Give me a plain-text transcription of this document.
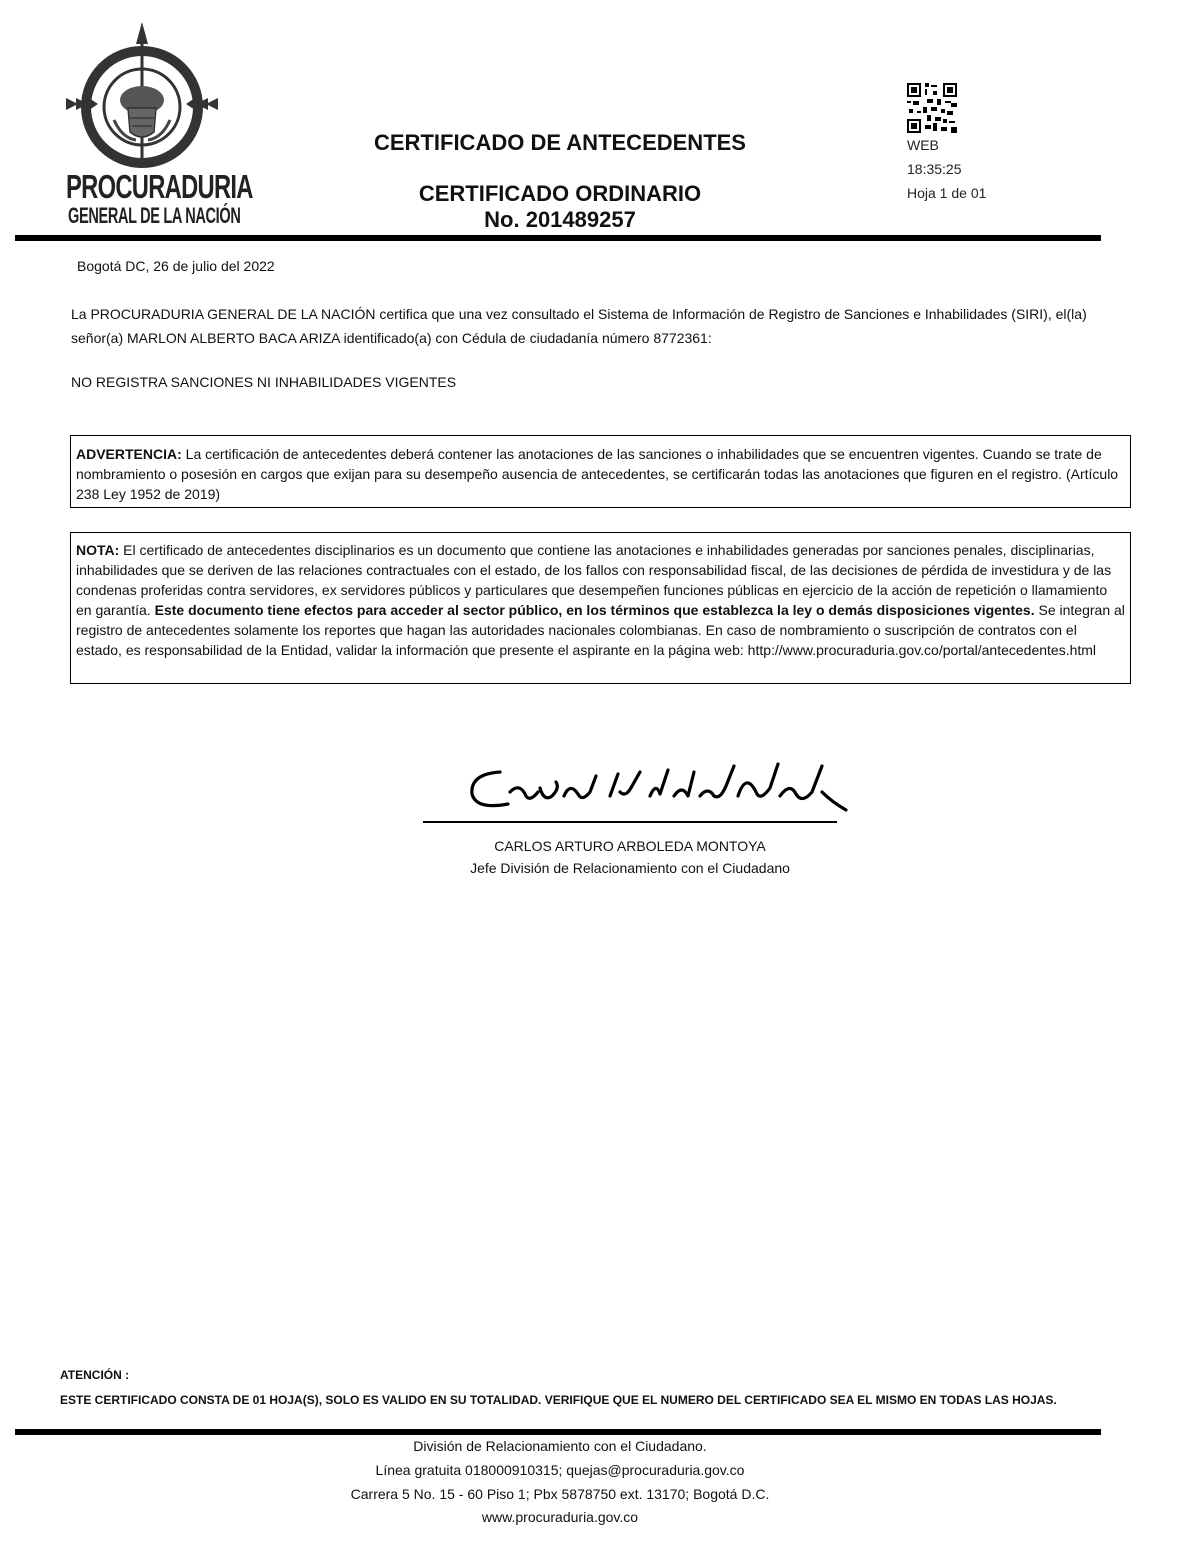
PROCURADURIA
GENERAL DE LA NACIÓN
CERTIFICADO DE ANTECEDENTES
CERTIFICADO ORDINARIO
No. 201489257
WEB
18:35:25
Hoja 1 de 01
Bogotá DC, 26 de julio del 2022
La PROCURADURIA GENERAL DE LA NACIÓN certifica que una vez consultado el Sistema de Información de Registro de Sanciones e Inhabilidades (SIRI), el(la) señor(a) MARLON ALBERTO BACA ARIZA identificado(a) con Cédula de ciudadanía número 8772361:
NO REGISTRA SANCIONES NI INHABILIDADES VIGENTES
ADVERTENCIA: La certificación de antecedentes deberá contener las anotaciones de las sanciones o inhabilidades que se encuentren vigentes. Cuando se trate de nombramiento o posesión en cargos que exijan para su desempeño ausencia de antecedentes, se certificarán todas las anotaciones que figuren en el registro. (Artículo 238 Ley 1952 de 2019)
NOTA: El certificado de antecedentes disciplinarios es un documento que contiene las anotaciones e inhabilidades generadas por sanciones penales, disciplinarias, inhabilidades que se deriven de las relaciones contractuales con el estado, de los fallos con responsabilidad fiscal, de las decisiones de pérdida de investidura y de las condenas proferidas contra servidores, ex servidores públicos y particulares que desempeñen funciones públicas en ejercicio de la acción de repetición o llamamiento en garantía. Este documento tiene efectos para acceder al sector público, en los términos que establezca la ley o demás disposiciones vigentes. Se integran al registro de antecedentes solamente los reportes que hagan las autoridades nacionales colombianas. En caso de nombramiento o suscripción de contratos con el estado, es responsabilidad de la Entidad, validar la información que presente el aspirante en la página web: http://www.procuraduria.gov.co/portal/antecedentes.html
CARLOS ARTURO ARBOLEDA MONTOYA
Jefe División de Relacionamiento con el Ciudadano
ATENCIÓN :
ESTE CERTIFICADO CONSTA DE 01 HOJA(S), SOLO ES VALIDO EN SU TOTALIDAD. VERIFIQUE QUE EL NUMERO DEL CERTIFICADO SEA EL MISMO EN TODAS LAS HOJAS.
División de Relacionamiento con el Ciudadano.
Línea gratuita 018000910315; quejas@procuraduria.gov.co
Carrera 5 No. 15 - 60 Piso 1; Pbx 5878750 ext. 13170; Bogotá D.C.
www.procuraduria.gov.co
